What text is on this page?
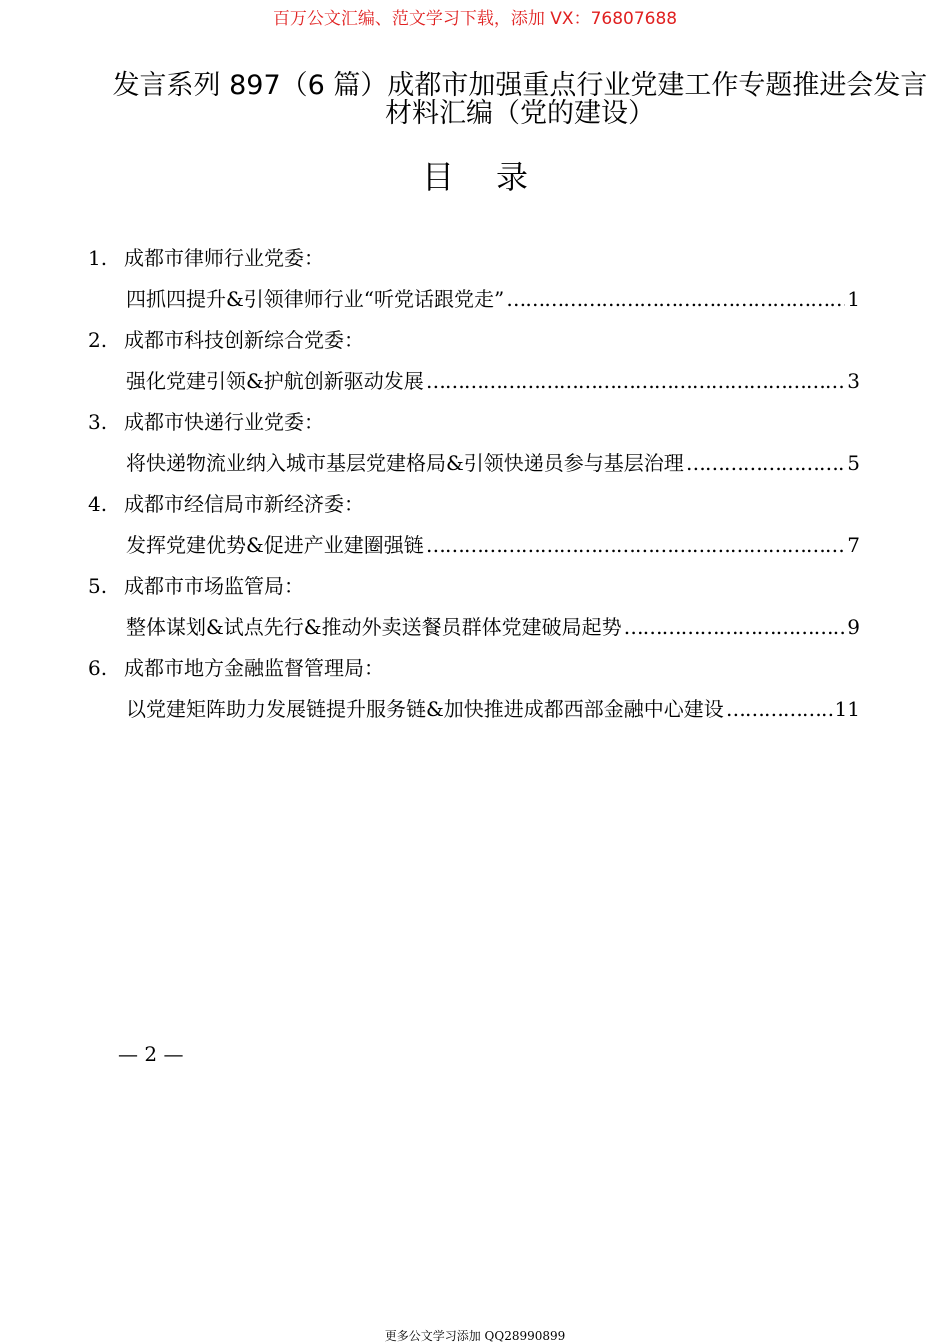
百万公文汇编、范文学习下载，添加 VX：76807688
发言系列 897（6 篇）成都市加强重点行业党建工作专题推进会发言材料汇编（党的建设）
目 录
1. 成都市律师行业党委：
四抓四提升&引领律师行业“听党话跟党走” …………………………………………………………………………………………………………………………………………	1
2. 成都市科技创新综合党委：
强化党建引领&护航创新驱动发展 …………………………………………………………………………………………………………………………………………	3
3. 成都市快递行业党委：
将快递物流业纳入城市基层党建格局&引领快递员参与基层治理 …………………………………………………………………………………………………………………………………………	5
4. 成都市经信局市新经济委：
发挥党建优势&促进产业建圈强链 …………………………………………………………………………………………………………………………………………	7
5. 成都市市场监管局：
整体谋划&试点先行&推动外卖送餐员群体党建破局起势 …………………………………………………………………………………………………………………………………………	9
6. 成都市地方金融监督管理局：
以党建矩阵助力发展链提升服务链&加快推进成都西部金融中心建设 …………………………………………………………………………………………………………………………………………	11
— 2 —
更多公文学习添加 QQ28990899
